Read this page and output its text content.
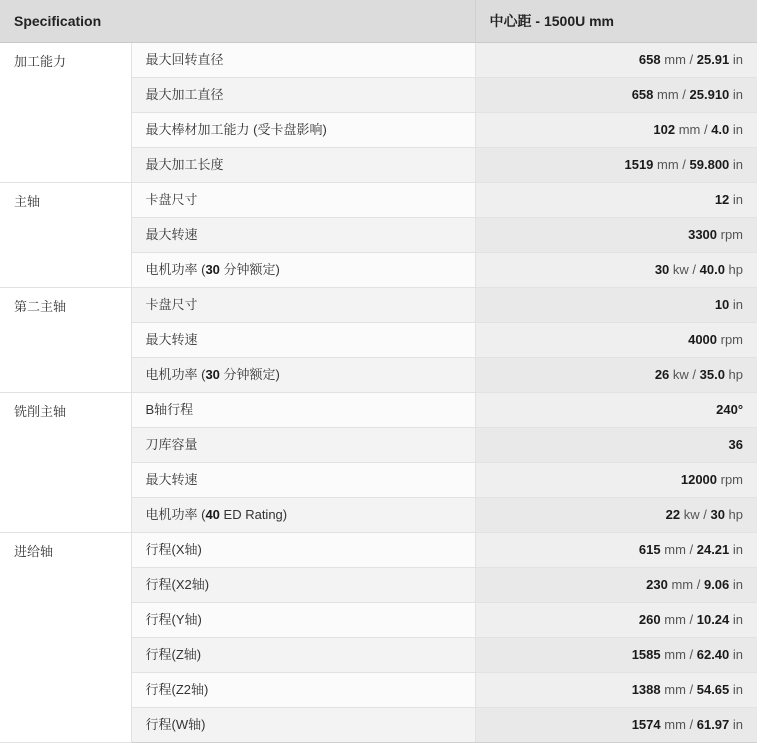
Specification		中心距 - 1500U mm
加工能力	最大回转直径	658 mm / 25.91 in
	最大加工直径	658 mm / 25.910 in
	最大棒材加工能力 (受卡盘影响)	102 mm / 4.0 in
	最大加工长度	1519 mm / 59.800 in
主轴	卡盘尺寸	12 in
	最大转速	3300 rpm
	电机功率 (30 分钟额定)	30 kw / 40.0 hp
第二主轴	卡盘尺寸	10 in
	最大转速	4000 rpm
	电机功率 (30 分钟额定)	26 kw / 35.0 hp
铣削主轴	B轴行程	240°
	刀库容量	36
	最大转速	12000 rpm
	电机功率 (40 ED Rating)	22 kw / 30 hp
进给轴	行程(X轴)	615 mm / 24.21 in
	行程(X2轴)	230 mm / 9.06 in
	行程(Y轴)	260 mm / 10.24 in
	行程(Z轴)	1585 mm / 62.40 in
	行程(Z2轴)	1388 mm / 54.65 in
	行程(W轴)	1574 mm / 61.97 in
